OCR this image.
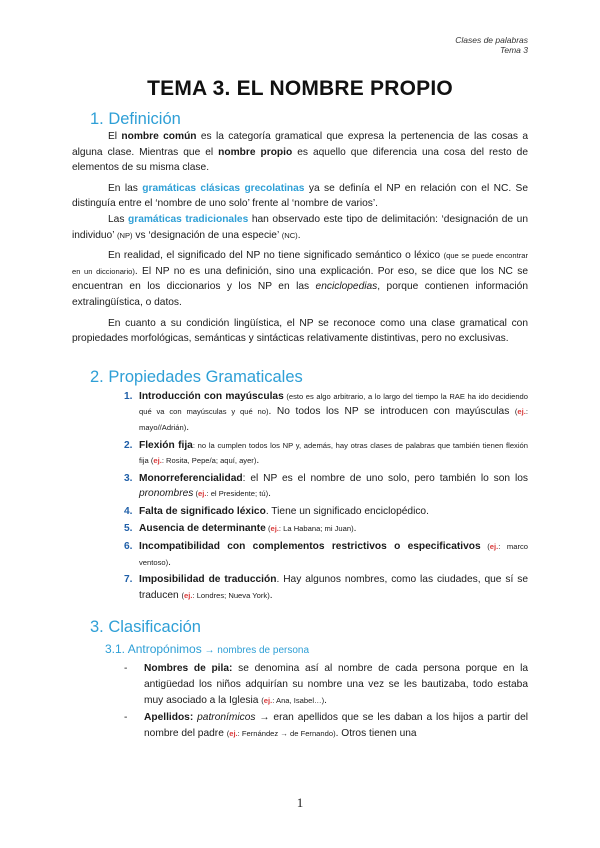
Clases de palabras
Tema 3
TEMA 3. EL NOMBRE PROPIO
1. Definición

El nombre común es la categoría gramatical que expresa la pertenencia de las cosas a alguna clase. Mientras que el nombre propio es aquello que diferencia una cosa del resto de elementos de su misma clase.

En las gramáticas clásicas grecolatinas ya se definía el NP en relación con el NC. Se distinguía entre el ‘nombre de uno solo’ frente al ‘nombre de varios’.

Las gramáticas tradicionales han observado este tipo de delimitación: ‘designación de un individuo’ (NP) vs ‘designación de una especie’ (NC).

En realidad, el significado del NP no tiene significado semántico o léxico (que se puede encontrar en un diccionario). El NP no es una definición, sino una explicación. Por eso, se dice que los NC se encuentran en los diccionarios y los NP en las enciclopedias, porque contienen información extralingüística, o datos.

En cuanto a su condición lingüística, el NP se reconoce como una clase gramatical con propiedades morfológicas, semánticas y sintácticas relativamente distintivas, pero no exclusivas.

2. Propiedades Gramaticales
1. Introducción con mayúsculas (esto es algo arbitrario, a lo largo del tiempo la RAE ha ido decidiendo qué va con mayúsculas y qué no). No todos los NP se introducen con mayúsculas (ej.: mayo//Adrián).
2. Flexión fija: no la cumplen todos los NP y, además, hay otras clases de palabras que también tienen flexión fija (ej.: Rosita, Pepe/a; aquí, ayer).
3. Monorreferencialidad: el NP es el nombre de uno solo, pero también lo son los pronombres (ej.: el Presidente; tú).
4. Falta de significado léxico. Tiene un significado enciclopédico.
5. Ausencia de determinante (ej.: La Habana; mi Juan).
6. Incompatibilidad con complementos restrictivos o especificativos (ej.: marco ventoso).
7. Imposibilidad de traducción. Hay algunos nombres, como las ciudades, que sí se traducen (ej.: Londres; Nueva York).
3. Clasificación
3.1. Antropónimos → nombres de persona
- Nombres de pila: se denomina así al nombre de cada persona porque en la antigüedad los niños adquirían su nombre una vez se les bautizaba, todo estaba muy asociado a la Iglesia (ej.: Ana, Isabel…).
- Apellidos: patronímicos → eran apellidos que se les daban a los hijos a partir del nombre del padre (ej.: Fernández → de Fernando). Otros tienen una
1
